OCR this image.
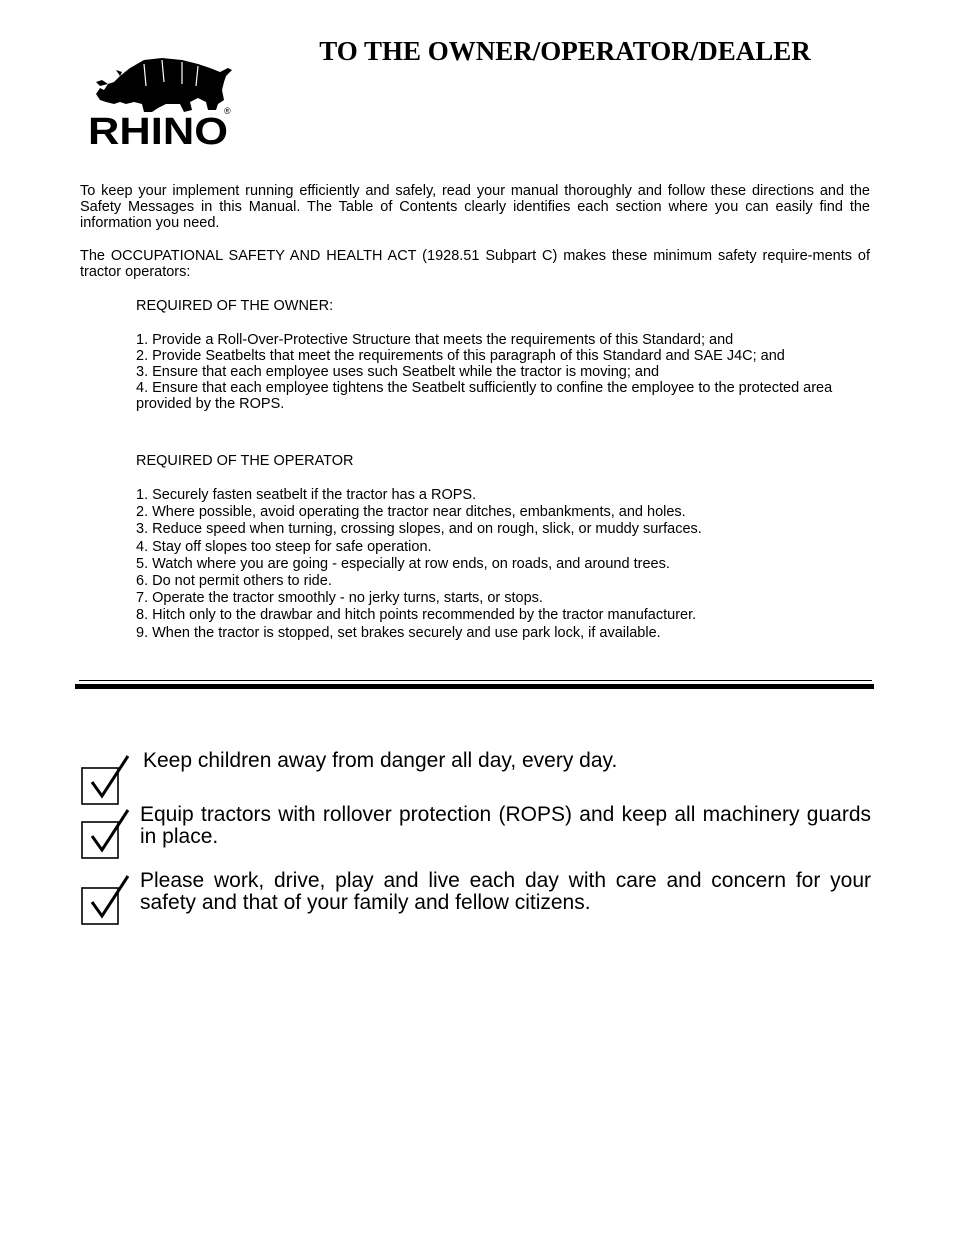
RHINO
®
TO THE OWNER/OPERATOR/DEALER

To keep your implement running efficiently and safely, read your manual thoroughly and follow these directions and the Safety Messages in this Manual. The Table of Contents clearly identifies each section where you can easily find the information you need.

The OCCUPATIONAL SAFETY AND HEALTH ACT (1928.51 Subpart C) makes these minimum safety require-ments of tractor operators:

REQUIRED OF THE OWNER:

1. Provide a Roll-Over-Protective Structure that meets the requirements of this Standard; and
2. Provide Seatbelts that meet the requirements of this paragraph of this Standard and SAE J4C; and
3. Ensure that each employee uses such Seatbelt while the tractor is moving; and
4. Ensure that each employee tightens the Seatbelt sufficiently to confine the employee to the protected area provided by the ROPS.

REQUIRED OF THE OPERATOR

1. Securely fasten seatbelt if the tractor has a ROPS.
2. Where possible, avoid operating the tractor near ditches, embankments, and holes.
3. Reduce speed when turning, crossing slopes, and on rough, slick, or muddy surfaces.
4. Stay off slopes too steep for safe operation.
5. Watch where you are going - especially at row ends, on roads, and around trees.
6. Do not permit others to ride.
7. Operate the tractor smoothly - no jerky turns, starts, or stops.
8. Hitch only to the drawbar and hitch points recommended by the tractor manufacturer.
9. When the tractor is stopped, set brakes securely and use park lock, if available.

Keep children away from danger all day, every day.

Equip tractors with rollover protection (ROPS) and keep all machinery guards in place.

Please work, drive, play and live each day with care and concern for your safety and that of your family and fellow citizens.
